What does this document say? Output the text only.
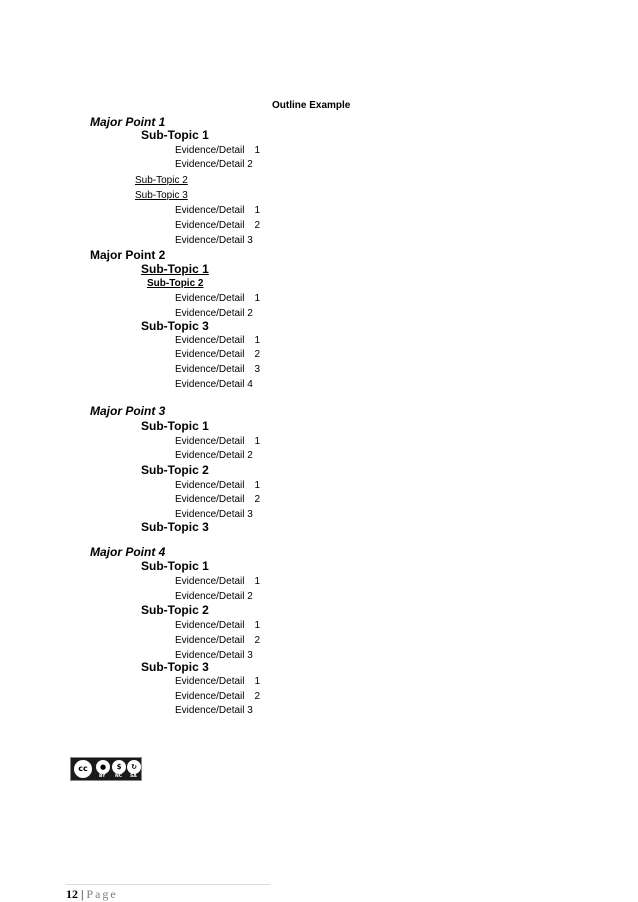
Outline Example
Major Point 1
Sub-Topic 1
Evidence/Detail 1
Evidence/Detail 2
Sub-Topic 2
Sub-Topic 3
Evidence/Detail 1
Evidence/Detail 2
Evidence/Detail 3
Major Point 2
Sub-Topic 1
Sub-Topic 2
Evidence/Detail 1
Evidence/Detail 2
Sub-Topic 3
Evidence/Detail 1
Evidence/Detail 2
Evidence/Detail 3
Evidence/Detail 4
Major Point 3
Sub-Topic 1
Evidence/Detail 1
Evidence/Detail 2
Sub-Topic 2
Evidence/Detail 1
Evidence/Detail 2
Evidence/Detail 3
Sub-Topic 3
Major Point 4
Sub-Topic 1
Evidence/Detail 1
Evidence/Detail 2
Sub-Topic 2
Evidence/Detail 1
Evidence/Detail 2
Evidence/Detail 3
Sub-Topic 3
Evidence/Detail 1
Evidence/Detail 2
Evidence/Detail 3
cc	●	$	↻
BY NC SA
12 | Page
